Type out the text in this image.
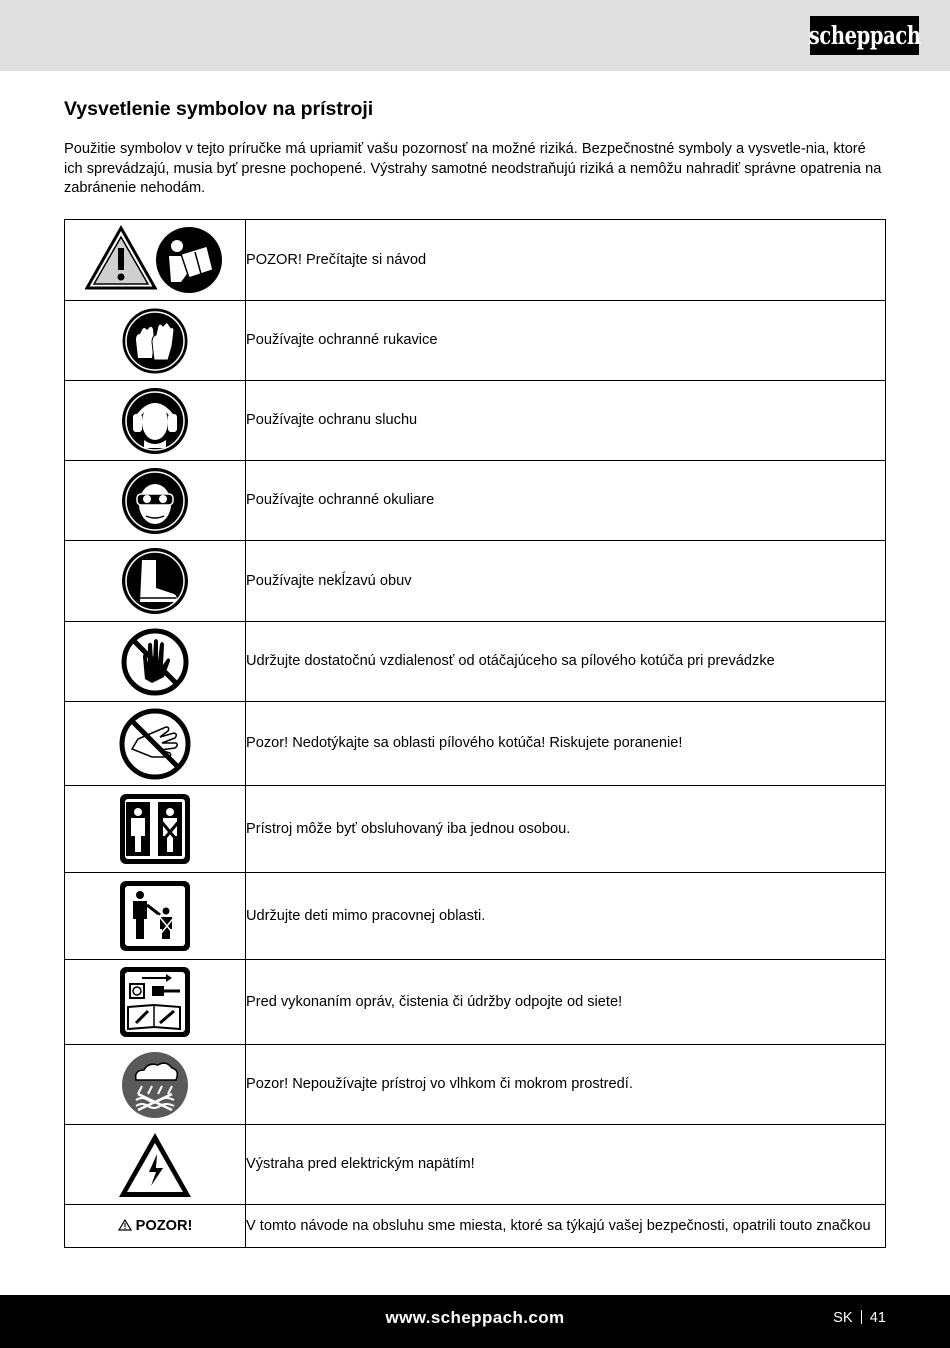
scheppach
Vysvetlenie symbolov na prístroji

Použitie symbolov v tejto príručke má upriamiť vašu pozornosť na možné riziká. Bezpečnostné symboly a vysvetle-nia, ktoré ich sprevádzajú, musia byť presne pochopené. Výstrahy samotné neodstraňujú riziká a nemôžu nahradiť správne opatrenia na zabránenie nehodám.

	POZOR! Prečítajte si návod

	Používajte ochranné rukavice

	Používajte ochranu sluchu

	Používajte ochranné okuliare

	Používajte nekĺzavú obuv

	Udržujte dostatočnú vzdialenosť od otáčajúceho sa pílového kotúča pri prevádzke

	Pozor! Nedotýkajte sa oblasti pílového kotúča! Riskujete poranenie!

	Prístroj môže byť obsluhovaný iba jednou osobou.

	Udržujte deti mimo pracovnej oblasti.

	Pred vykonaním opráv, čistenia či údržby odpojte od siete!

	Pozor! Nepoužívajte prístroj vo vlhkom či mokrom prostredí.

	Výstraha pred elektrickým napätím!
POZOR!	V tomto návode na obsluhu sme miesta, ktoré sa týkajú vašej bezpečnosti, opatrili touto značkou
www.scheppach.com	SK 41
